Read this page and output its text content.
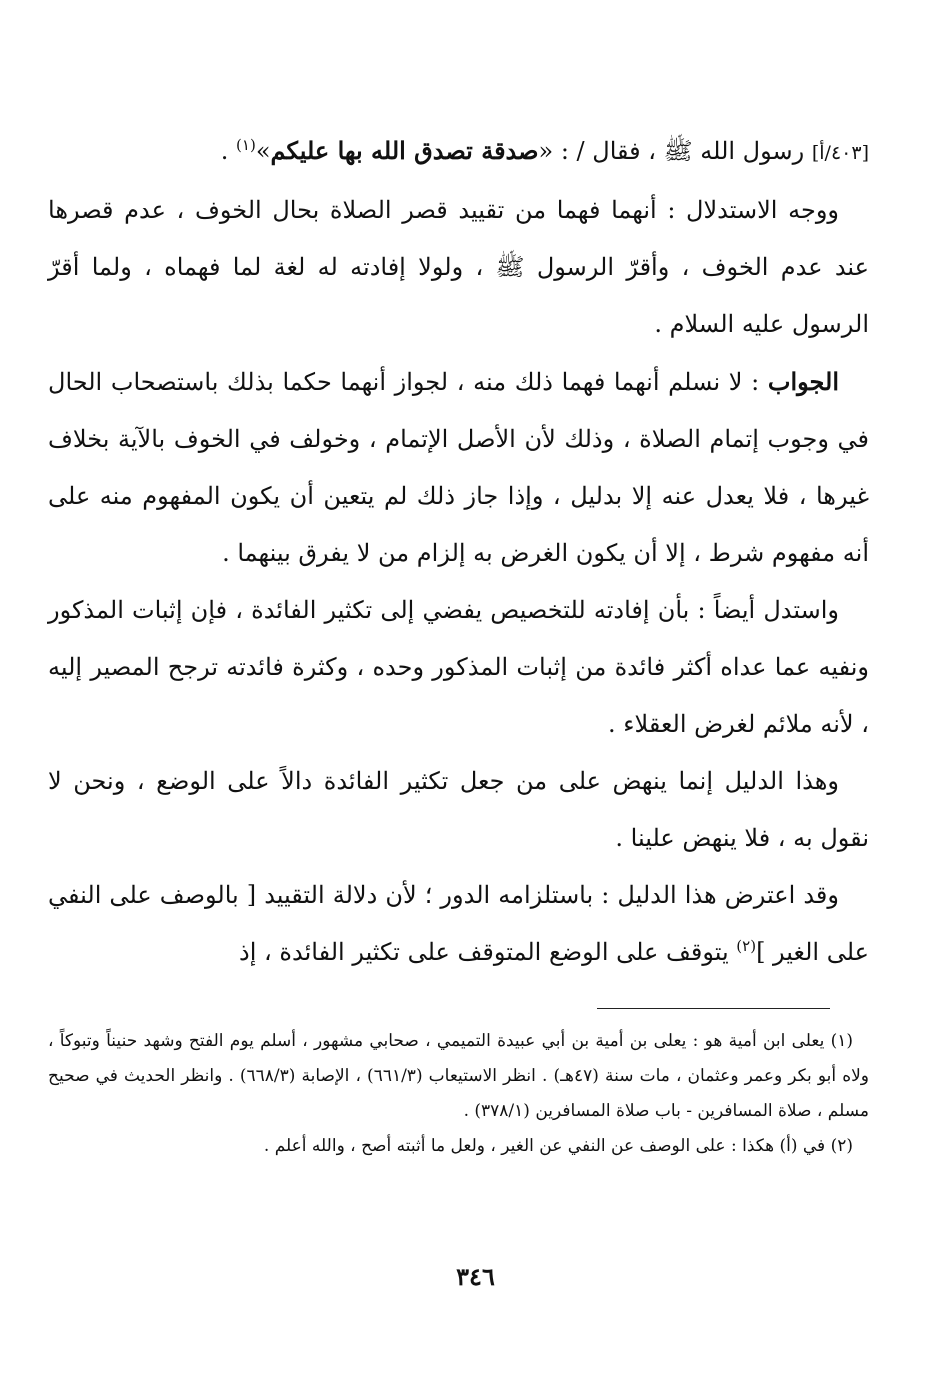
[٤٠٣/أ] رسول الله ﷺ ، فقال / : «صدقة تصدق الله بها عليكم»$^{(١)}$ .

ووجه الاستدلال : أنهما فهما من تقييد قصر الصلاة بحال الخوف ، عدم قصرها عند عدم الخوف ، وأقرّ الرسول ﷺ ، ولولا إفادته له لغة لما فهماه ، ولما أقرّ الرسول عليه السلام .

الجواب : لا نسلم أنهما فهما ذلك منه ، لجواز أنهما حكما بذلك باستصحاب الحال في وجوب إتمام الصلاة ، وذلك لأن الأصل الإتمام ، وخولف في الخوف بالآية بخلاف غيرها ، فلا يعدل عنه إلا بدليل ، وإذا جاز ذلك لم يتعين أن يكون المفهوم منه على أنه مفهوم شرط ، إلا أن يكون الغرض به إلزام من لا يفرق بينهما .

واستدل أيضاً : بأن إفادته للتخصيص يفضي إلى تكثير الفائدة ، فإن إثبات المذكور ونفيه عما عداه أكثر فائدة من إثبات المذكور وحده ، وكثرة فائدته ترجح المصير إليه ، لأنه ملائم لغرض العقلاء .

وهذا الدليل إنما ينهض على من جعل تكثير الفائدة دالاً على الوضع ، ونحن لا نقول به ، فلا ينهض علينا .

وقد اعترض هذا الدليل : باستلزامه الدور ؛ لأن دلالة التقييد [ بالوصف على النفي على الغير ]$^{(٢)}$ يتوقف على الوضع المتوقف على تكثير الفائدة ، إذ

(١) يعلى ابن أمية هو : يعلى بن أمية بن أبي عبيدة التميمي ، صحابي مشهور ، أسلم يوم الفتح وشهد حنيناً وتبوكاً ، ولاه أبو بكر وعمر وعثمان ، مات سنة (٤٧هـ) . انظر الاستيعاب (٦٦١/٣) ، الإصابة (٦٦٨/٣) . وانظر الحديث في صحيح مسلم ، صلاة المسافرين - باب صلاة المسافرين (٣٧٨/١) .

(٢) في (أ) هكذا : على الوصف عن النفي عن الغير ، ولعل ما أثبته أصح ، والله أعلم .

٣٤٦
